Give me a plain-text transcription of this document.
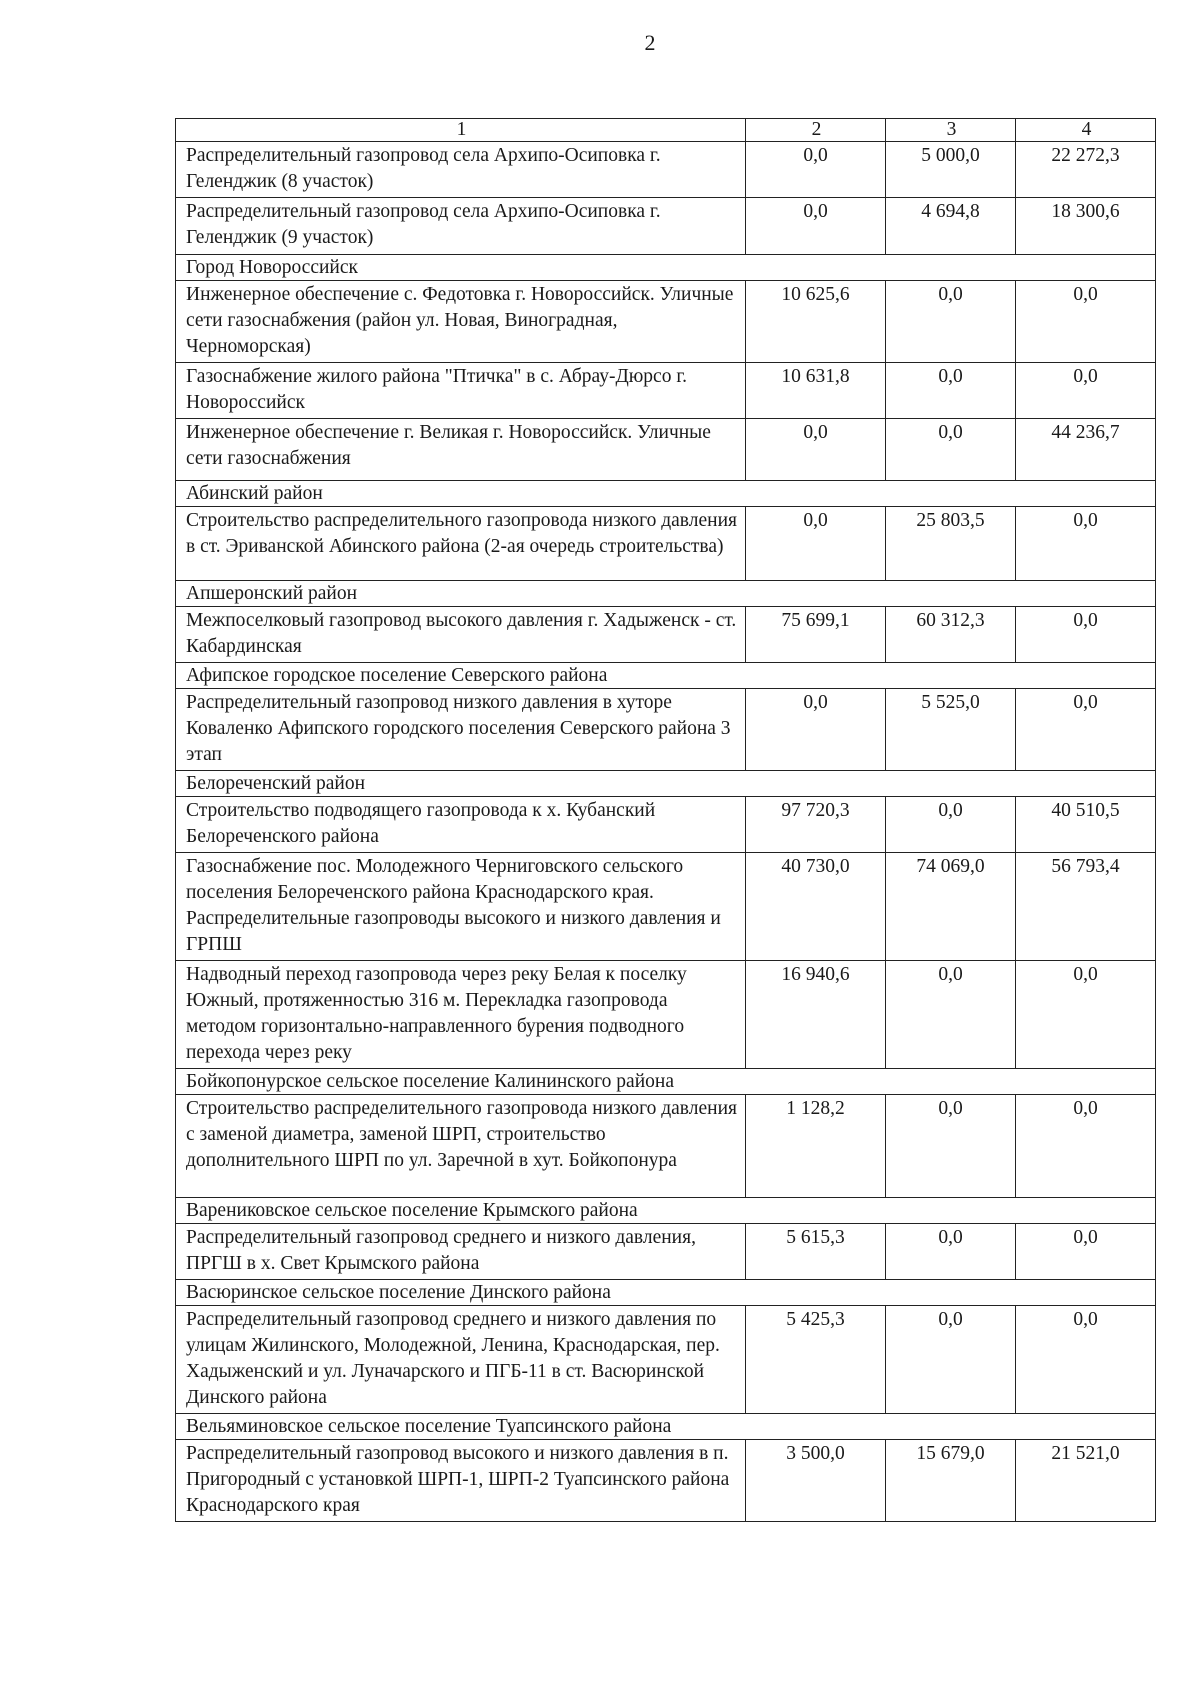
2
1	2	3	4
Распределительный газопровод села Архипо-Осиповка г. Геленджик (8 участок)	0,0	5 000,0	22 272,3
Распределительный газопровод села Архипо-Осиповка г. Геленджик (9 участок)	0,0	4 694,8	18 300,6
Город Новороссийск			
Инженерное обеспечение с. Федотовка г. Новороссийск. Уличные сети газоснабжения (район ул. Новая, Виноградная, Черноморская)	10 625,6	0,0	0,0
Газоснабжение жилого района "Птичка" в с. Абрау-Дюрсо г. Новороссийск	10 631,8	0,0	0,0
Инженерное обеспечение г. Великая г. Новороссийск. Уличные сети газоснабжения	0,0	0,0	44 236,7
Абинский район			
Строительство распределительного газопровода низкого давления в ст. Эриванской Абинского района (2-ая очередь строительства)	0,0	25 803,5	0,0
Апшеронский район			
Межпоселковый газопровод высокого давления г. Хадыженск - ст. Кабардинская	75 699,1	60 312,3	0,0
Афипское городское поселение Северского района			
Распределительный газопровод низкого давления в хуторе Коваленко Афипского городского поселения Северского района 3 этап	0,0	5 525,0	0,0
Белореченский район			
Строительство подводящего газопровода к х. Кубанский Белореченского района	97 720,3	0,0	40 510,5
Газоснабжение пос. Молодежного Черниговского сельского поселения Белореченского района Краснодарского края. Распределительные газопроводы высокого и низкого давления и ГРПШ	40 730,0	74 069,0	56 793,4
Надводный переход газопровода через реку Белая к поселку Южный, протяженностью 316 м. Перекладка газопровода методом горизонтально-направленного бурения подводного перехода через реку	16 940,6	0,0	0,0
Бойкопонурское сельское поселение Калининского района			
Строительство распределительного газопровода низкого давления с заменой диаметра, заменой ШРП, строительство дополнительного ШРП по ул. Заречной в хут. Бойкопонура	1 128,2	0,0	0,0
Варениковское сельское поселение Крымского района			
Распределительный газопровод среднего и низкого давления, ПРГШ в х. Свет Крымского района	5 615,3	0,0	0,0
Васюринское сельское поселение Динского района			
Распределительный газопровод среднего и низкого давления по улицам Жилинского, Молодежной, Ленина, Краснодарская, пер. Хадыженский и ул. Луначарского и ПГБ-11 в ст. Васюринской Динского района	5 425,3	0,0	0,0
Вельяминовское сельское поселение Туапсинского района			
Распределительный газопровод высокого и низкого давления в п. Пригородный с установкой ШРП-1, ШРП-2 Туапсинского района Краснодарского края	3 500,0	15 679,0	21 521,0
